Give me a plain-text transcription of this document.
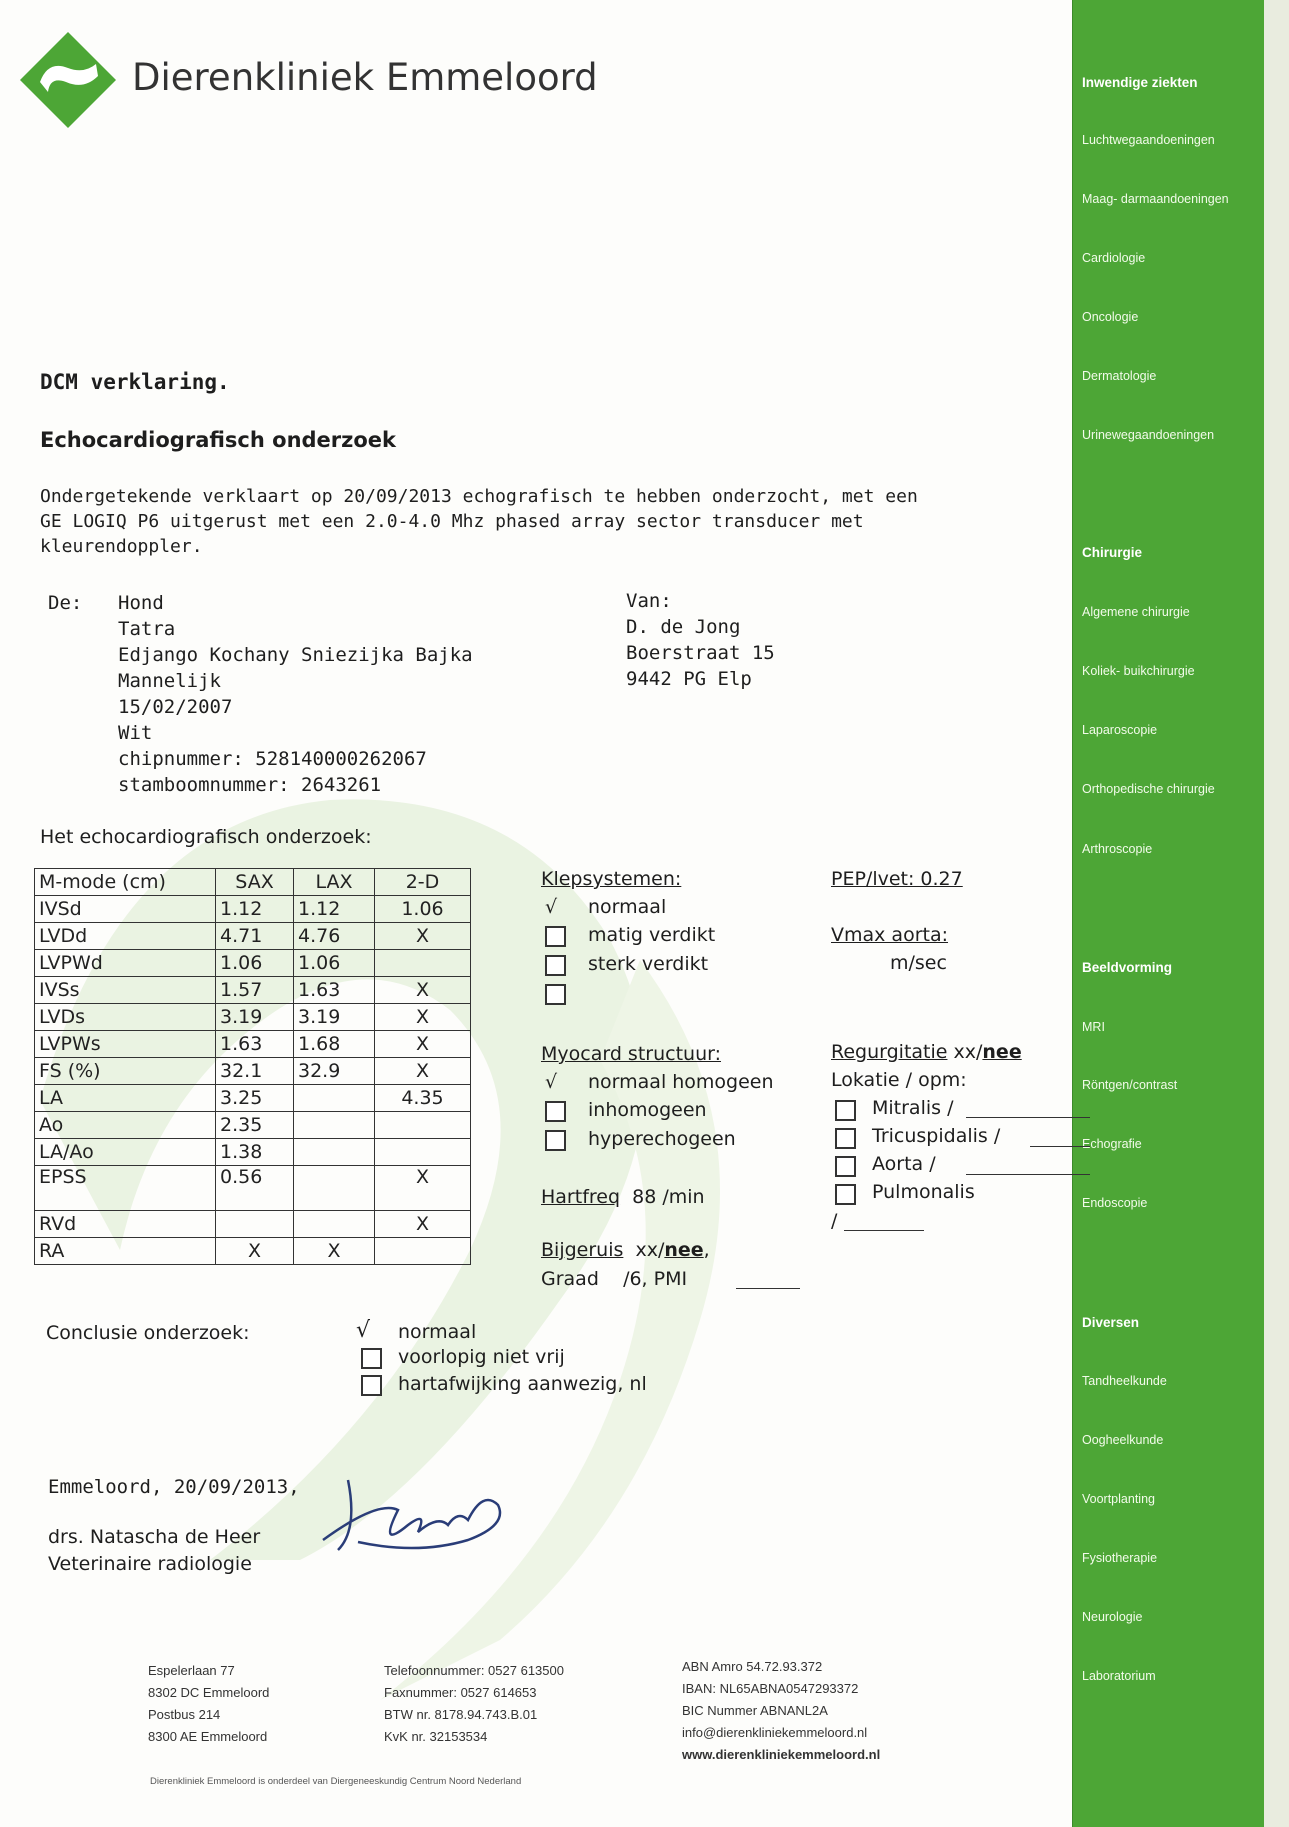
Inwendige ziekten
Luchtwegaandoeningen
Maag- darmaandoeningen
Cardiologie
Oncologie
Dermatologie
Urinewegaandoeningen
Chirurgie
Algemene chirurgie
Koliek- buikchirurgie
Laparoscopie
Orthopedische chirurgie
Arthroscopie
Beeldvorming
MRI
Röntgen/contrast
Echografie
Endoscopie
Diversen
Tandheelkunde
Oogheelkunde
Voortplanting
Fysiotherapie
Neurologie
Laboratorium
Dierenkliniek Emmeloord
DCM verklaring.
Echocardiografisch onderzoek
Ondergetekende verklaart op 20/09/2013 echografisch te hebben onderzocht, met een
GE LOGIQ P6 uitgerust met een 2.0-4.0 Mhz phased array sector transducer met
kleurendoppler.
De: Hond
Tatra
Edjango Kochany Sniezijka Bajka
Mannelijk
15/02/2007
Wit
chipnummer: 528140000262067
stamboomnummer: 2643261
Van:
D. de Jong
Boerstraat 15
9442 PG Elp
Het echocardiografisch onderzoek:
M-mode (cm)	SAX	LAX	2-D
IVSd	1.12	1.12	1.06
LVDd	4.71	4.76	X
LVPWd	1.06	1.06	
IVSs	1.57	1.63	X
LVDs	3.19	3.19	X
LVPWs	1.63	1.68	X
FS (%)	32.1	32.9	X
LA	3.25		4.35
Ao	2.35		
LA/Ao	1.38		
EPSS	0.56		X
RVd			X
RA	X	X	
Klepsystemen:
√ normaal
matig verdikt
sterk verdikt
PEP/lvet: 0.27
Vmax aorta:
m/sec
Myocard structuur:
√ normaal homogeen
inhomogeen
hyperechogeen
Regurgitatie xx/nee
Lokatie / opm:
Mitralis /
Tricuspidalis /
Aorta /
Pulmonalis
/
Hartfreq 88 /min
Bijgeruis xx/nee,
Graad /6, PMI
Conclusie onderzoek:	√ normaal
voorlopig niet vrij
hartafwijking aanwezig, nl
Emmeloord, 20/09/2013,
drs. Natascha de Heer
Veterinaire radiologie
Espelerlaan 77
8302 DC Emmeloord
Postbus 214
8300 AE Emmeloord
Telefoonnummer: 0527 613500
Faxnummer: 0527 614653
BTW nr. 8178.94.743.B.01
KvK nr. 32153534
ABN Amro 54.72.93.372
IBAN: NL65ABNA0547293372
BIC Nummer ABNANL2A
info@dierenkliniekemmeloord.nl
www.dierenkliniekemmeloord.nl
Dierenkliniek Emmeloord is onderdeel van Diergeneeskundig Centrum Noord Nederland
